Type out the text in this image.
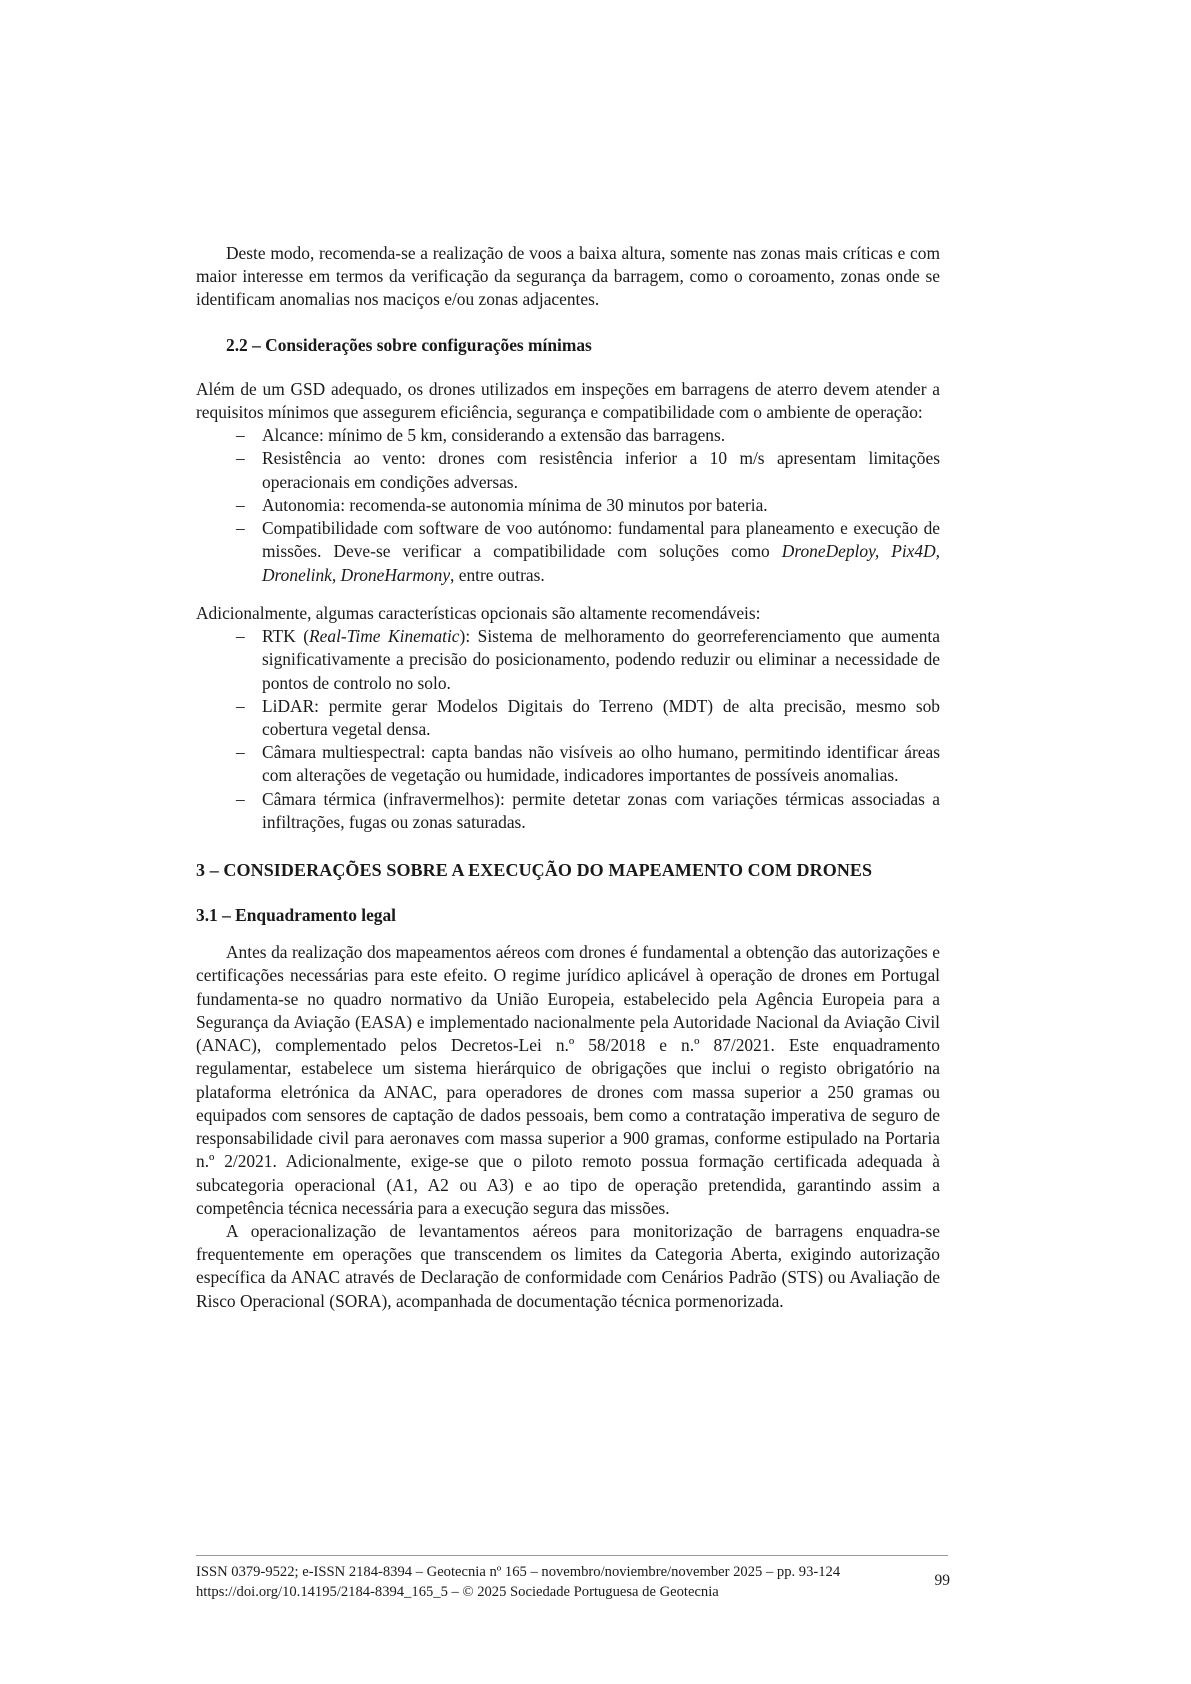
Deste modo, recomenda-se a realização de voos a baixa altura, somente nas zonas mais críticas e com maior interesse em termos da verificação da segurança da barragem, como o coroamento, zonas onde se identificam anomalias nos maciços e/ou zonas adjacentes.

2.2 – Considerações sobre configurações mínimas

Além de um GSD adequado, os drones utilizados em inspeções em barragens de aterro devem atender a requisitos mínimos que assegurem eficiência, segurança e compatibilidade com o ambiente de operação:

– Alcance: mínimo de 5 km, considerando a extensão das barragens.
– Resistência ao vento: drones com resistência inferior a 10 m/s apresentam limitações operacionais em condições adversas.
– Autonomia: recomenda-se autonomia mínima de 30 minutos por bateria.
– Compatibilidade com software de voo autónomo: fundamental para planeamento e execução de missões. Deve-se verificar a compatibilidade com soluções como DroneDeploy, Pix4D, Dronelink, DroneHarmony, entre outras.

Adicionalmente, algumas características opcionais são altamente recomendáveis:

– RTK (Real-Time Kinematic): Sistema de melhoramento do georreferenciamento que aumenta significativamente a precisão do posicionamento, podendo reduzir ou eliminar a necessidade de pontos de controlo no solo.
– LiDAR: permite gerar Modelos Digitais do Terreno (MDT) de alta precisão, mesmo sob cobertura vegetal densa.
– Câmara multiespectral: capta bandas não visíveis ao olho humano, permitindo identificar áreas com alterações de vegetação ou humidade, indicadores importantes de possíveis anomalias.
– Câmara térmica (infravermelhos): permite detetar zonas com variações térmicas associadas a infiltrações, fugas ou zonas saturadas.
3 – CONSIDERAÇÕES SOBRE A EXECUÇÃO DO MAPEAMENTO COM DRONES
3.1 – Enquadramento legal

Antes da realização dos mapeamentos aéreos com drones é fundamental a obtenção das autorizações e certificações necessárias para este efeito. O regime jurídico aplicável à operação de drones em Portugal fundamenta-se no quadro normativo da União Europeia, estabelecido pela Agência Europeia para a Segurança da Aviação (EASA) e implementado nacionalmente pela Autoridade Nacional da Aviação Civil (ANAC), complementado pelos Decretos-Lei n.º 58/2018 e n.º 87/2021. Este enquadramento regulamentar, estabelece um sistema hierárquico de obrigações que inclui o registo obrigatório na plataforma eletrónica da ANAC, para operadores de drones com massa superior a 250 gramas ou equipados com sensores de captação de dados pessoais, bem como a contratação imperativa de seguro de responsabilidade civil para aeronaves com massa superior a 900 gramas, conforme estipulado na Portaria n.º 2/2021. Adicionalmente, exige-se que o piloto remoto possua formação certificada adequada à subcategoria operacional (A1, A2 ou A3) e ao tipo de operação pretendida, garantindo assim a competência técnica necessária para a execução segura das missões.

A operacionalização de levantamentos aéreos para monitorização de barragens enquadra-se frequentemente em operações que transcendem os limites da Categoria Aberta, exigindo autorização específica da ANAC através de Declaração de conformidade com Cenários Padrão (STS) ou Avaliação de Risco Operacional (SORA), acompanhada de documentação técnica pormenorizada.

ISSN 0379-9522; e-ISSN 2184-8394 – Geotecnia nº 165 – novembro/noviembre/november 2025 – pp. 93-124
https://doi.org/10.14195/2184-8394_165_5 – © 2025 Sociedade Portuguesa de Geotecnia
99
